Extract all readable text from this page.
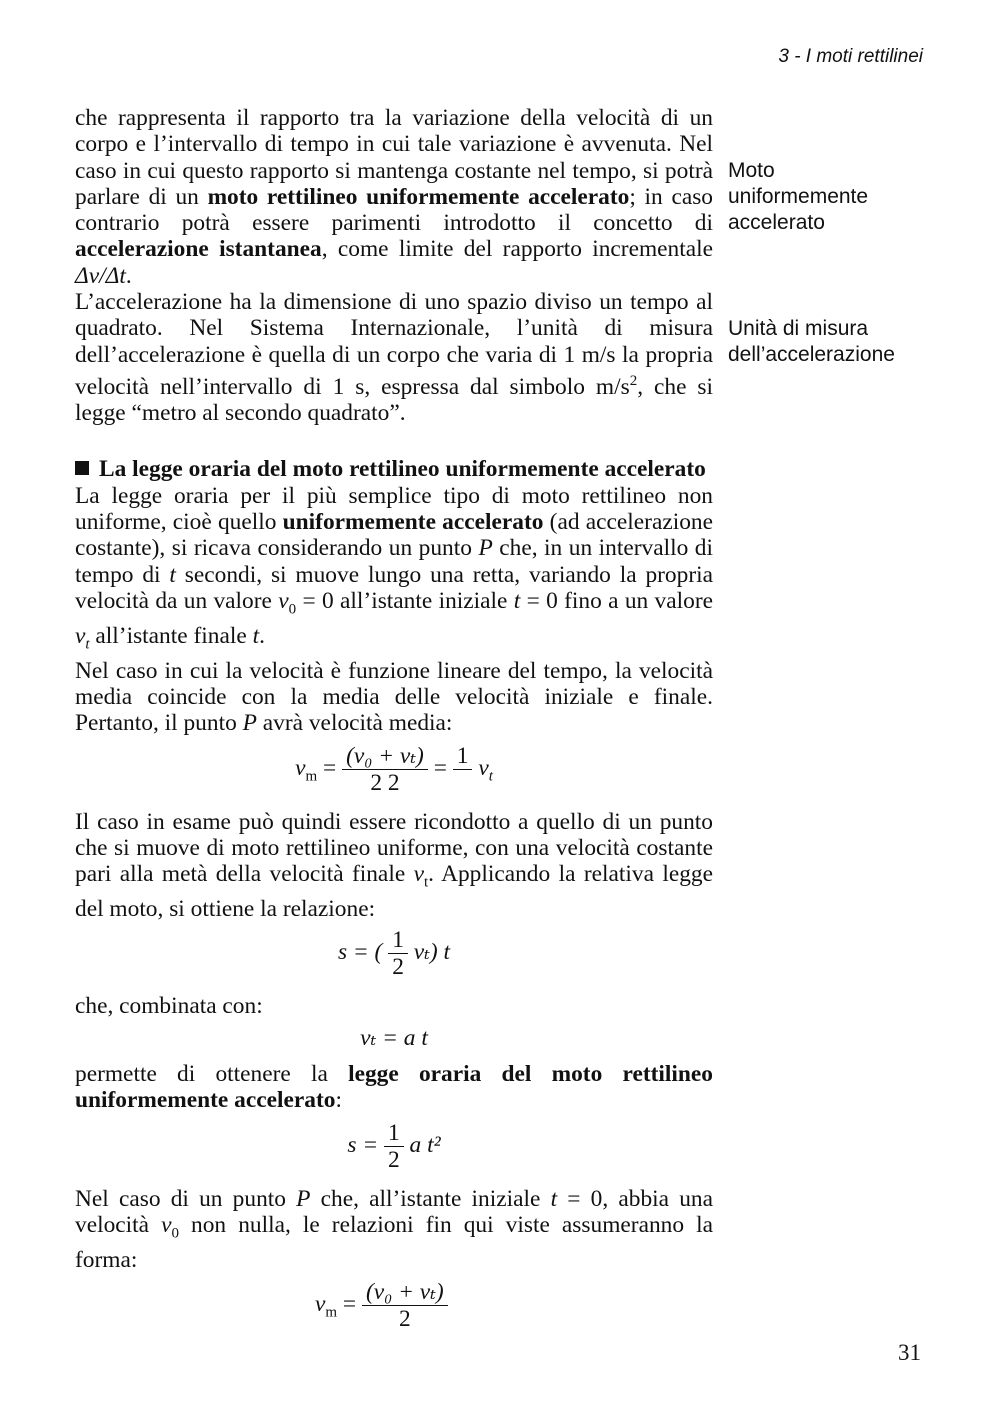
3 - I moti rettilinei
Moto
uniformemente
accelerato
Unità di misura
dell’accelerazione

che rappresenta il rapporto tra la variazione della velocità di un corpo e l’intervallo di tempo in cui tale variazione è avvenuta. Nel caso in cui questo rapporto si mantenga costante nel tempo, si potrà parlare di un moto rettilineo uniformemente accelerato; in caso contrario potrà essere parimenti introdotto il concetto di accelerazione istantanea, come limite del rapporto incrementale Δv/Δt.

L’accelerazione ha la dimensione di uno spazio diviso un tempo al quadrato. Nel Sistema Internazionale, l’unità di misura dell’accelerazione è quella di un corpo che varia di 1 m/s la propria velocità nell’intervallo di 1 s, espressa dal simbolo $m/s^2$, che si legge “metro al secondo quadrato”.

La legge oraria del moto rettilineo uniformemente accelerato

La legge oraria per il più semplice tipo di moto rettilineo non uniforme, cioè quello uniformemente accelerato (ad accelerazione costante), si ricava considerando un punto P che, in un intervallo di tempo di t secondi, si muove lungo una retta, variando la propria velocità da un valore $v_0 = 0$ all’istante iniziale t = 0 fino a un valore $v_t$ all’istante finale t.

Nel caso in cui la velocità è funzione lineare del tempo, la velocità media coincide con la media delle velocità iniziale e finale. Pertanto, il punto P avrà velocità media:

$v_m = \frac{\text{(v₀ + vₜ)}}{2 2} = 1$
$v_t$

Il caso in esame può quindi essere ricondotto a quello di un punto che si muove di moto rettilineo uniforme, con una velocità costante pari alla metà della velocità finale $v_t$. Applicando la relativa legge del moto, si ottiene la relazione:

s = ( $\frac{1}{2} v_t$) t

che, combinata con:

vₜ = a t

permette di ottenere la legge oraria del moto rettilineo uniformemente accelerato:

$s = \frac{1}{2}$ a t²

Nel caso di un punto P che, all’istante iniziale t = 0, abbia una velocità $v_0$ non nulla, le relazioni fin qui viste assumeranno la forma:

$v_m = \frac{\text{(v₀ + vₜ)}}{2}$
31
